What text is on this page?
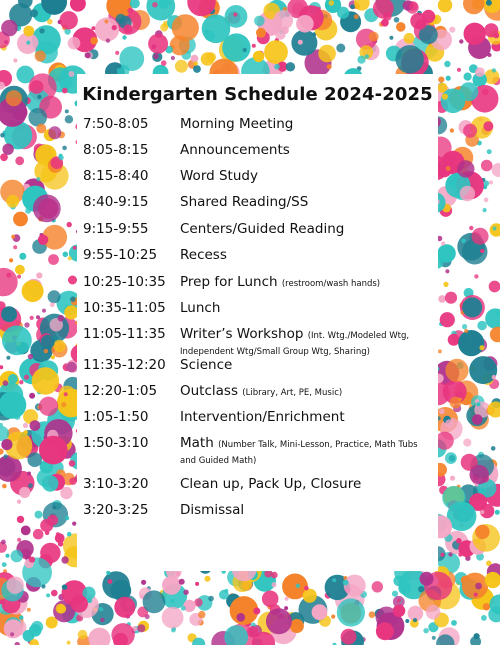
Kindergarten Schedule 2024-2025
7:50-8:05	Morning Meeting
8:05-8:15	Announcements
8:15-8:40	Word Study
8:40-9:15	Shared Reading/SS
9:15-9:55	Centers/Guided Reading
9:55-10:25	Recess
10:25-10:35	Prep for Lunch (restroom/wash hands)
10:35-11:05	Lunch
11:05-11:35	Writer’s Workshop (Int. Wtg./Modeled Wtg, Independent Wtg/Small Group Wtg, Sharing)
11:35-12:20	Science
12:20-1:05	Outclass (Library, Art, PE, Music)
1:05-1:50	Intervention/Enrichment
1:50-3:10	Math (Number Talk, Mini-Lesson, Practice, Math Tubs and Guided Math)
3:10-3:20	Clean up, Pack Up, Closure
3:20-3:25	Dismissal
